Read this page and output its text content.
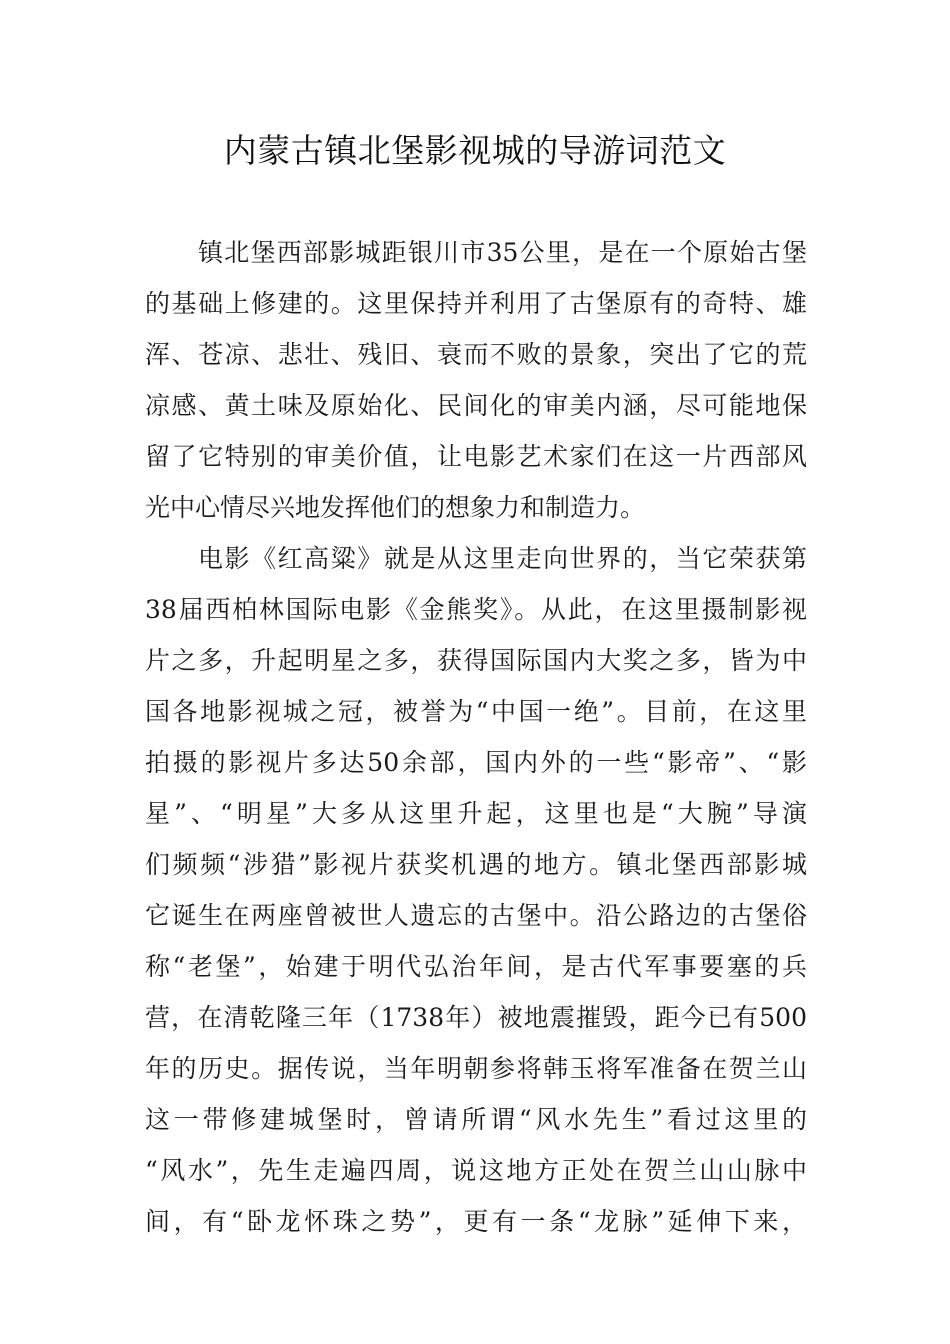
内蒙古镇北堡影视城的导游词范文
镇北堡西部影城距银川市35公里，是在一个原始古堡
的基础上修建的。这里保持并利用了古堡原有的奇特、雄
浑、苍凉、悲壮、残旧、衰而不败的景象，突出了它的荒
凉感、黄土味及原始化、民间化的审美内涵，尽可能地保
留了它特别的审美价值，让电影艺术家们在这一片西部风
光中心情尽兴地发挥他们的想象力和制造力。
电影《红高粱》就是从这里走向世界的，当它荣获第
38届西柏林国际电影《金熊奖》。从此，在这里摄制影视
片之多，升起明星之多，获得国际国内大奖之多，皆为中
国各地影视城之冠，被誉为“中国一绝”。目前，在这里
拍摄的影视片多达50余部，国内外的一些“影帝”、“影
星”、“明星”大多从这里升起，这里也是“大腕”导演
们频频“涉猎”影视片获奖机遇的地方。镇北堡西部影城
它诞生在两座曾被世人遗忘的古堡中。沿公路边的古堡俗
称“老堡”，始建于明代弘治年间，是古代军事要塞的兵
营，在清乾隆三年（1738年）被地震摧毁，距今已有500
年的历史。据传说，当年明朝参将韩玉将军准备在贺兰山
这一带修建城堡时，曾请所谓“风水先生”看过这里的
“风水”，先生走遍四周，说这地方正处在贺兰山山脉中
间，有“卧龙怀珠之势”，更有一条“龙脉”延伸下来，
